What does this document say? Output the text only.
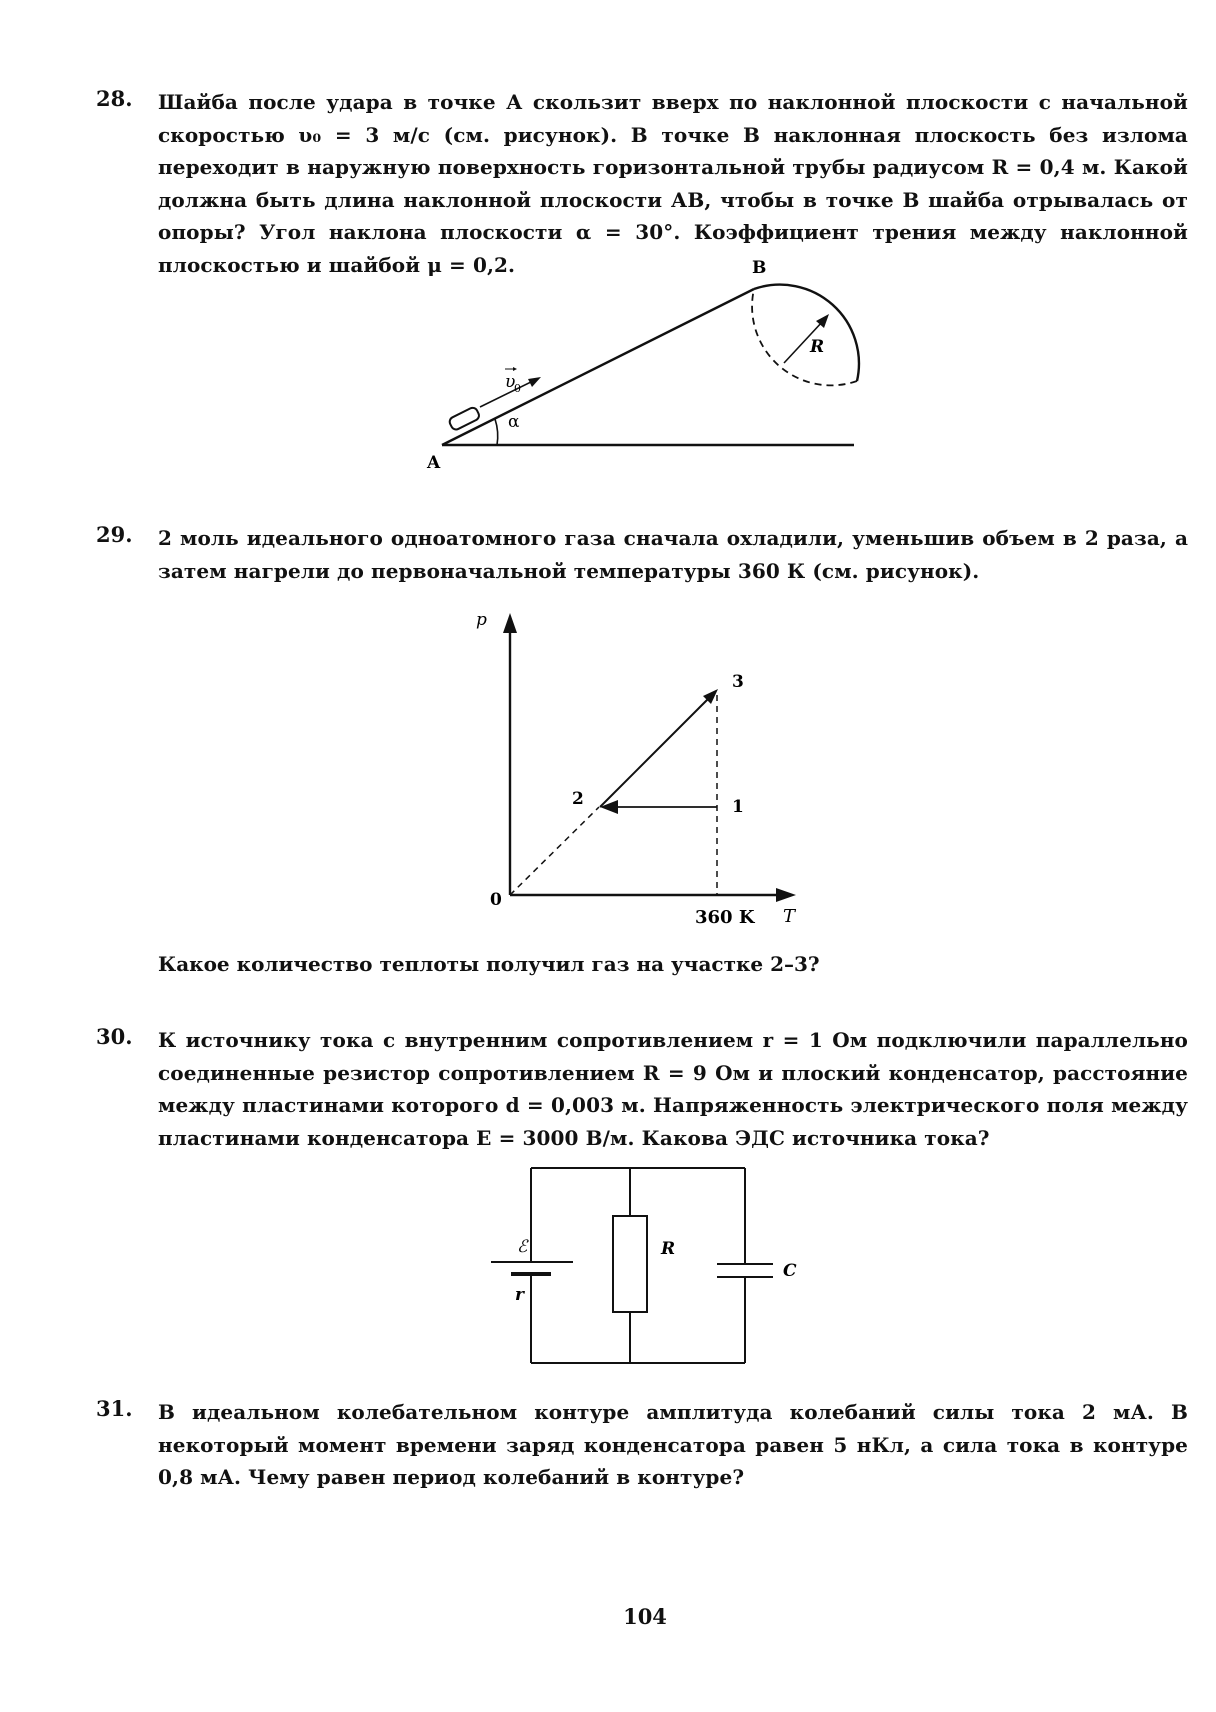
28. Шайба после удара в точке А скользит вверх по наклонной плоскости с начальной скоростью υ₀ = 3 м/с (см. рисунок). В точке В наклонная плоскость без излома переходит в наружную поверхность горизонтальной трубы радиусом R = 0,4 м. Какой должна быть длина наклонной плоскости АВ, чтобы в точке В шайба отрывалась от опоры? Угол наклона плоскости α = 30°. Коэффициент трения между наклонной плоскостью и шайбой μ = 0,2.
A
B
R
α
υ
0
29. 2 моль идеального одноатомного газа сначала охладили, уменьшив объем в 2 раза, а затем нагрели до первоначальной температуры 360 К (см. рисунок).
p
T
0
360 K
1
2
3
Какое количество теплоты получил газ на участке 2–3?
30. К источнику тока с внутренним сопротивлением r = 1 Ом подключили параллельно соединенные резистор сопротивлением R = 9 Ом и плоский конденсатор, расстояние между пластинами которого d = 0,003 м. Напряженность электрического поля между пластинами конденсатора E = 3000 В/м. Какова ЭДС источника тока?
ℰ
r
R
C
31. В идеальном колебательном контуре амплитуда колебаний силы тока 2 мА. В некоторый момент времени заряд конденсатора равен 5 нКл, а сила тока в контуре 0,8 мА. Чему равен период колебаний в контуре?
104
